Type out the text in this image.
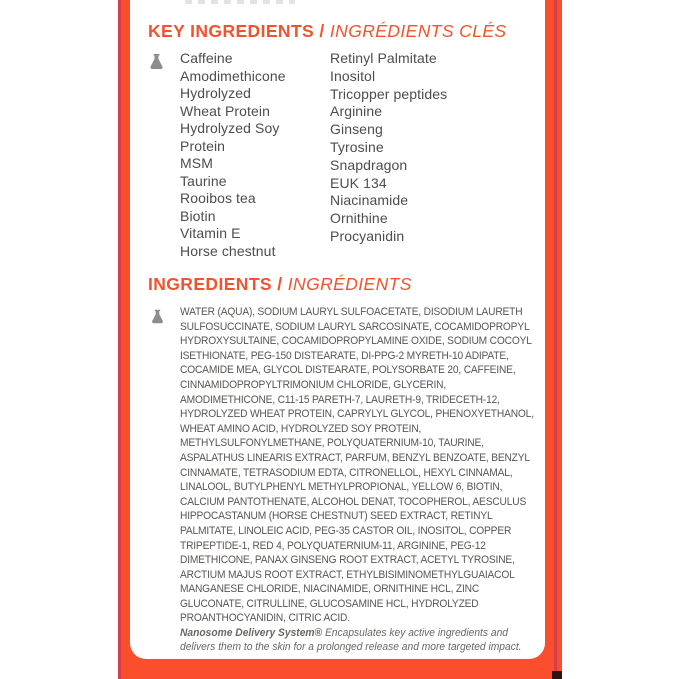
KEY INGREDIENTS / INGRÉDIENTS CLÉS
Caffeine
Amodimethicone
Hydrolyzed
Wheat Protein
Hydrolyzed Soy
Protein
MSM
Taurine
Rooibos tea
Biotin
Vitamin E
Horse chestnut
Retinyl Palmitate
Inositol
Tricopper peptides
Arginine
Ginseng
Tyrosine
Snapdragon
EUK 134
Niacinamide
Ornithine
Procyanidin
INGREDIENTS / INGRÉDIENTS
WATER (AQUA), SODIUM LAURYL SULFOACETATE, DISODIUM LAURETH SULFOSUCCINATE, SODIUM LAURYL SARCOSINATE, COCAMIDOPROPYL HYDROXYSULTAINE, COCAMIDOPROPYLAMINE OXIDE, SODIUM COCOYL ISETHIONATE, PEG-150 DISTEARATE, DI-PPG-2 MYRETH-10 ADIPATE, COCAMIDE MEA, GLYCOL DISTEARATE, POLYSORBATE 20, CAFFEINE, CINNAMIDOPROPYLTRIMONIUM CHLORIDE, GLYCERIN, AMODIMETHICONE, C11-15 PARETH-7, LAURETH-9, TRIDECETH-12, HYDROLYZED WHEAT PROTEIN, CAPRYLYL GLYCOL, PHENOXYETHANOL, WHEAT AMINO ACID, HYDROLYZED SOY PROTEIN, METHYLSULFONYLMETHANE, POLYQUATERNIUM-10, TAURINE, ASPALATHUS LINEARIS EXTRACT, PARFUM, BENZYL BENZOATE, BENZYL CINNAMATE, TETRASODIUM EDTA, CITRONELLOL, HEXYL CINNAMAL, LINALOOL, BUTYLPHENYL METHYLPROPIONAL, YELLOW 6, BIOTIN, CALCIUM PANTOTHENATE, ALCOHOL DENAT, TOCOPHEROL, AESCULUS HIPPOCASTANUM (HORSE CHESTNUT) SEED EXTRACT, RETINYL PALMITATE, LINOLEIC ACID, PEG-35 CASTOR OIL, INOSITOL, COPPER TRIPEPTIDE-1, RED 4, POLYQUATERNIUM-11, ARGININE, PEG-12 DIMETHICONE, PANAX GINSENG ROOT EXTRACT, ACETYL TYROSINE, ARCTIUM MAJUS ROOT EXTRACT, ETHYLBISIMINOMETHYLGUAIACOL MANGANESE CHLORIDE, NIACINAMIDE, ORNITHINE HCL, ZINC GLUCONATE, CITRULLINE, GLUCOSAMINE HCL, HYDROLYZED PROANTHOCYANIDIN, CITRIC ACID.
Nanosome Delivery System® Encapsulates key active ingredients and delivers them to the skin for a prolonged release and more targeted impact.
